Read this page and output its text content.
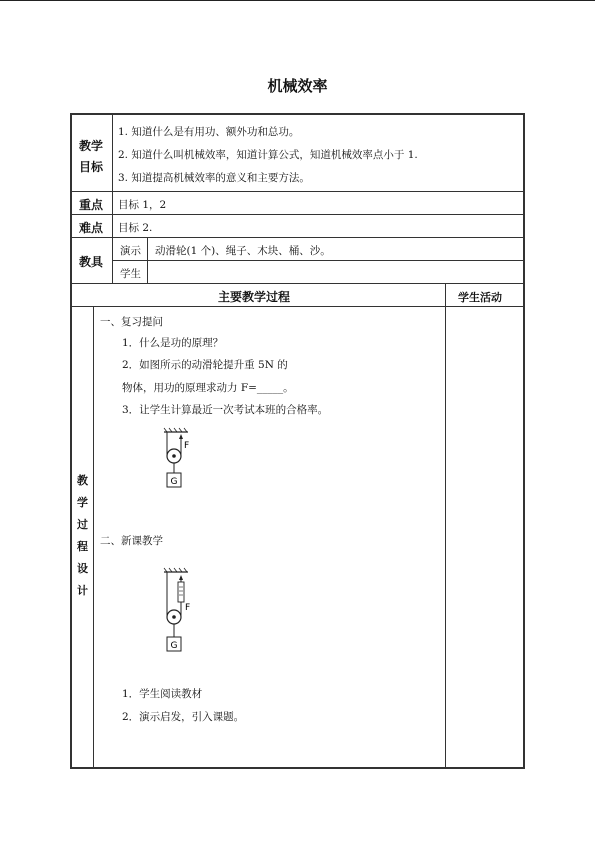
机械效率
教学
目标
1. 知道什么是有用功、额外功和总功。
2. 知道什么叫机械效率，知道计算公式，知道机械效率点小于 1.
3. 知道提高机械效率的意义和主要方法。
重点 目标 1，2
难点 目标 2.
教具
演示 动滑轮(1 个)、绳子、木块、桶、沙。
学生
主要教学过程	学生活动
教
学
过
程
设
计
一、复习提问
1．什么是功的原理？
2．如图所示的动滑轮提升重 5N 的
物体，用功的原理求动力 F=_____。
3．让学生计算最近一次考试本班的合格率。
F
G
二、新课教学
F
G
1．学生阅读教材
2．演示启发，引入课题。
